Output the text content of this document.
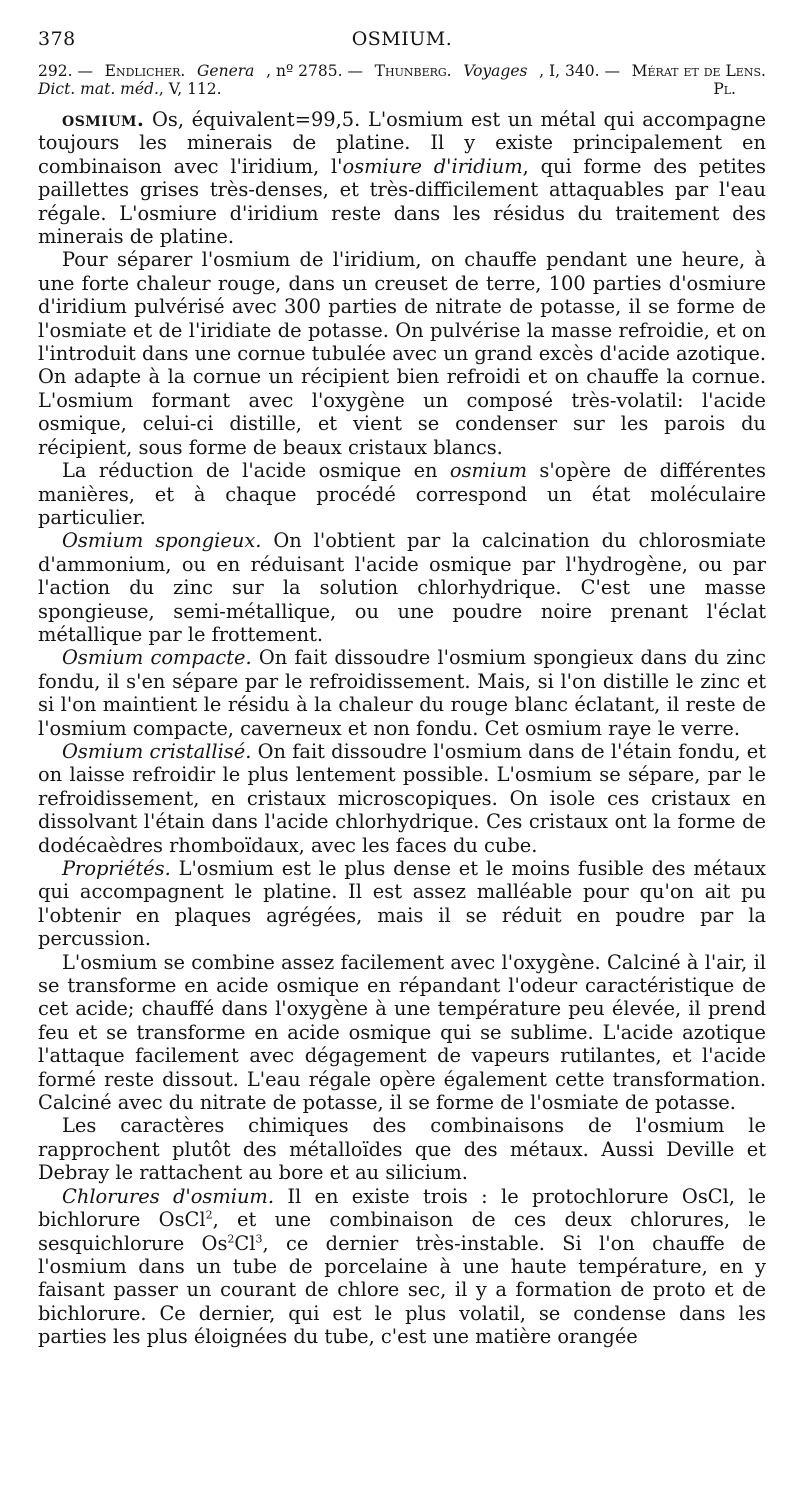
378	OSMIUM.
292. — Endlicher. Genera , nº 2785. — Thunberg. Voyages , I, 340. — Mérat et de Lens.
Dict. mat. méd., V, 112.	Pl.

osmium. Os, équivalent=99,5. L'osmium est un métal qui accompagne toujours les minerais de platine. Il y existe principalement en combinaison avec l'iridium, l'osmiure d'iridium, qui forme des petites paillettes grises très-denses, et très-difficilement attaquables par l'eau régale. L'osmiure d'iridium reste dans les résidus du traitement des minerais de platine.

Pour séparer l'osmium de l'iridium, on chauffe pendant une heure, à une forte chaleur rouge, dans un creuset de terre, 100 parties d'osmiure d'iridium pulvérisé avec 300 parties de nitrate de potasse, il se forme de l'osmiate et de l'iridiate de potasse. On pulvérise la masse refroidie, et on l'introduit dans une cornue tubulée avec un grand excès d'acide azotique. On adapte à la cornue un récipient bien refroidi et on chauffe la cornue. L'osmium formant avec l'oxygène un composé très-volatil: l'acide osmique, celui-ci distille, et vient se condenser sur les parois du récipient, sous forme de beaux cristaux blancs.

La réduction de l'acide osmique en osmium s'opère de différentes manières, et à chaque procédé correspond un état moléculaire particulier.

Osmium spongieux. On l'obtient par la calcination du chlorosmiate d'ammonium, ou en réduisant l'acide osmique par l'hydrogène, ou par l'action du zinc sur la solution chlorhydrique. C'est une masse spongieuse, semi-métallique, ou une poudre noire prenant l'éclat métallique par le frottement.

Osmium compacte. On fait dissoudre l'osmium spongieux dans du zinc fondu, il s'en sépare par le refroidissement. Mais, si l'on distille le zinc et si l'on maintient le résidu à la chaleur du rouge blanc éclatant, il reste de l'osmium compacte, caverneux et non fondu. Cet osmium raye le verre.

Osmium cristallisé. On fait dissoudre l'osmium dans de l'étain fondu, et on laisse refroidir le plus lentement possible. L'osmium se sépare, par le refroidissement, en cristaux microscopiques. On isole ces cristaux en dissolvant l'étain dans l'acide chlorhydrique. Ces cristaux ont la forme de dodécaèdres rhomboïdaux, avec les faces du cube.

Propriétés. L'osmium est le plus dense et le moins fusible des métaux qui accompagnent le platine. Il est assez malléable pour qu'on ait pu l'obtenir en plaques agrégées, mais il se réduit en poudre par la percussion.

L'osmium se combine assez facilement avec l'oxygène. Calciné à l'air, il se transforme en acide osmique en répandant l'odeur caractéristique de cet acide; chauffé dans l'oxygène à une température peu élevée, il prend feu et se transforme en acide osmique qui se sublime. L'acide azotique l'attaque facilement avec dégagement de vapeurs rutilantes, et l'acide formé reste dissout. L'eau régale opère également cette transformation. Calciné avec du nitrate de potasse, il se forme de l'osmiate de potasse.

Les caractères chimiques des combinaisons de l'osmium le rapprochent plutôt des métalloïdes que des métaux. Aussi Deville et Debray le rattachent au bore et au silicium.

Chlorures d'osmium. Il en existe trois : le protochlorure OsCl, le bichlorure OsCl$^2$, et une combinaison de ces deux chlorures, le sesquichlorure Os$^2$Cl$^3$, ce dernier très-instable. Si l'on chauffe de l'osmium dans un tube de porcelaine à une haute température, en y faisant passer un courant de chlore sec, il y a formation de proto et de bichlorure. Ce dernier, qui est le plus volatil, se condense dans les parties les plus éloignées du tube, c'est une matière orangée
